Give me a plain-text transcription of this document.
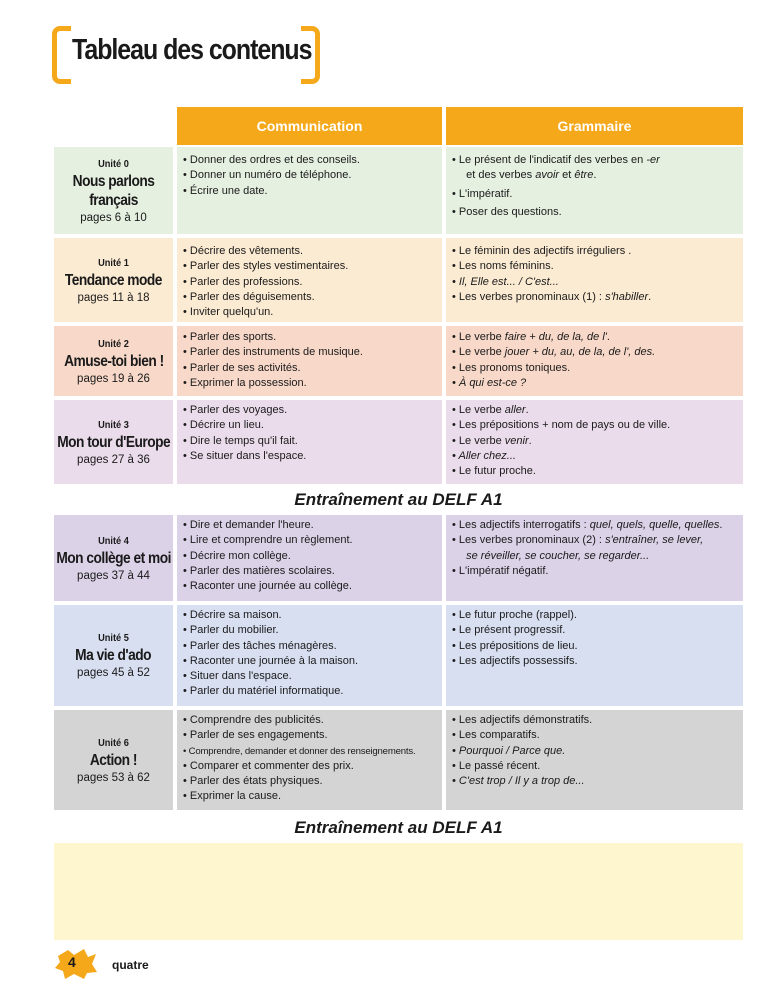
Tableau des contenus
Communication	Grammaire
Unité 0
Nous parlons
français
pages 6 à 10
• Donner des ordres et des conseils.
• Donner un numéro de téléphone.
• Écrire une date.
• Le présent de l'indicatif des verbes en -er
et des verbes avoir et être.
• L'impératif.
• Poser des questions.
Unité 1
Tendance mode
pages 11 à 18
• Décrire des vêtements.
• Parler des styles vestimentaires.
• Parler des professions.
• Parler des déguisements.
• Inviter quelqu'un.
• Le féminin des adjectifs irréguliers .
• Les noms féminins.
• Il, Elle est... / C'est...
• Les verbes pronominaux (1) : s'habiller.
Unité 2
Amuse-toi bien !
pages 19 à 26
• Parler des sports.
• Parler des instruments de musique.
• Parler de ses activités.
• Exprimer la possession.
• Le verbe faire + du, de la, de l'.
• Le verbe jouer + du, au, de la, de l', des.
• Les pronoms toniques.
• À qui est-ce ?
Unité 3
Mon tour d'Europe
pages 27 à 36
• Parler des voyages.
• Décrire un lieu.
• Dire le temps qu'il fait.
• Se situer dans l'espace.
• Le verbe aller.
• Les prépositions + nom de pays ou de ville.
• Le verbe venir.
• Aller chez...
• Le futur proche.
Entraînement au DELF A1
Unité 4
Mon collège et moi
pages 37 à 44
• Dire et demander l'heure.
• Lire et comprendre un règlement.
• Décrire mon collège.
• Parler des matières scolaires.
• Raconter une journée au collège.
• Les adjectifs interrogatifs : quel, quels, quelle, quelles.
• Les verbes pronominaux (2) : s'entraîner, se lever,
se réveiller, se coucher, se regarder...
• L'impératif négatif.
Unité 5
Ma vie d'ado
pages 45 à 52
• Décrire sa maison.
• Parler du mobilier.
• Parler des tâches ménagères.
• Raconter une journée à la maison.
• Situer dans l'espace.
• Parler du matériel informatique.
• Le futur proche (rappel).
• Le présent progressif.
• Les prépositions de lieu.
• Les adjectifs possessifs.
Unité 6
Action !
pages 53 à 62
• Comprendre des publicités.
• Parler de ses engagements.
• Comprendre, demander et donner des renseignements.
• Comparer et commenter des prix.
• Parler des états physiques.
• Exprimer la cause.
• Les adjectifs démonstratifs.
• Les comparatifs.
• Pourquoi / Parce que.
• Le passé récent.
• C'est trop / Il y a trop de...
Entraînement au DELF A1
4	quatre
